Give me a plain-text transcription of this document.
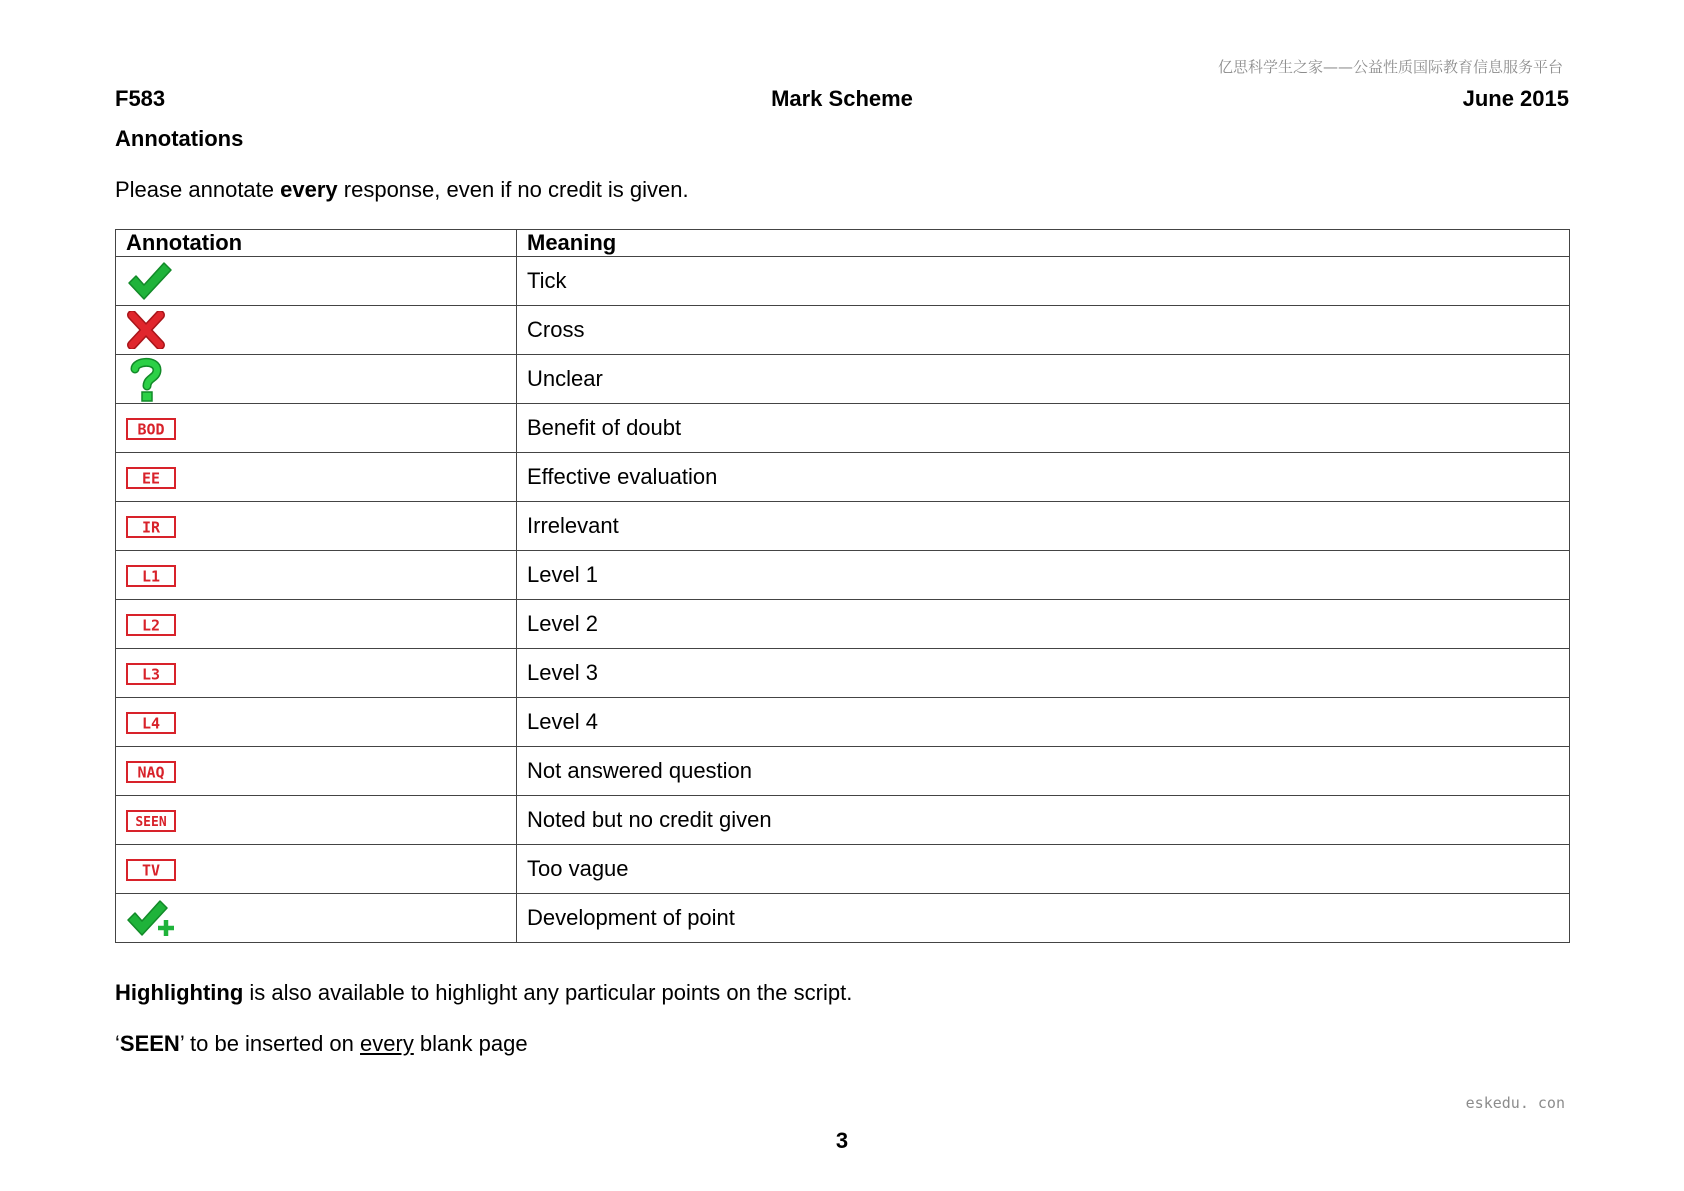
亿思科学生之家——公益性质国际教育信息服务平台
F583	Mark Scheme	June 2015
Annotations
Please annotate every response, even if no credit is given.
Annotation	Meaning
	Tick
	Cross
	Unclear

BOD	Benefit of doubt

EE	Effective evaluation

IR	Irrelevant

L1	Level 1

L2	Level 2

L3	Level 3

L4	Level 4

NAQ	Not answered question

SEEN	Noted but no credit given

TV	Too vague
	Development of point
Highlighting is also available to highlight any particular points on the script.
‘SEEN’ to be inserted on every blank page
eskedu. con
3
